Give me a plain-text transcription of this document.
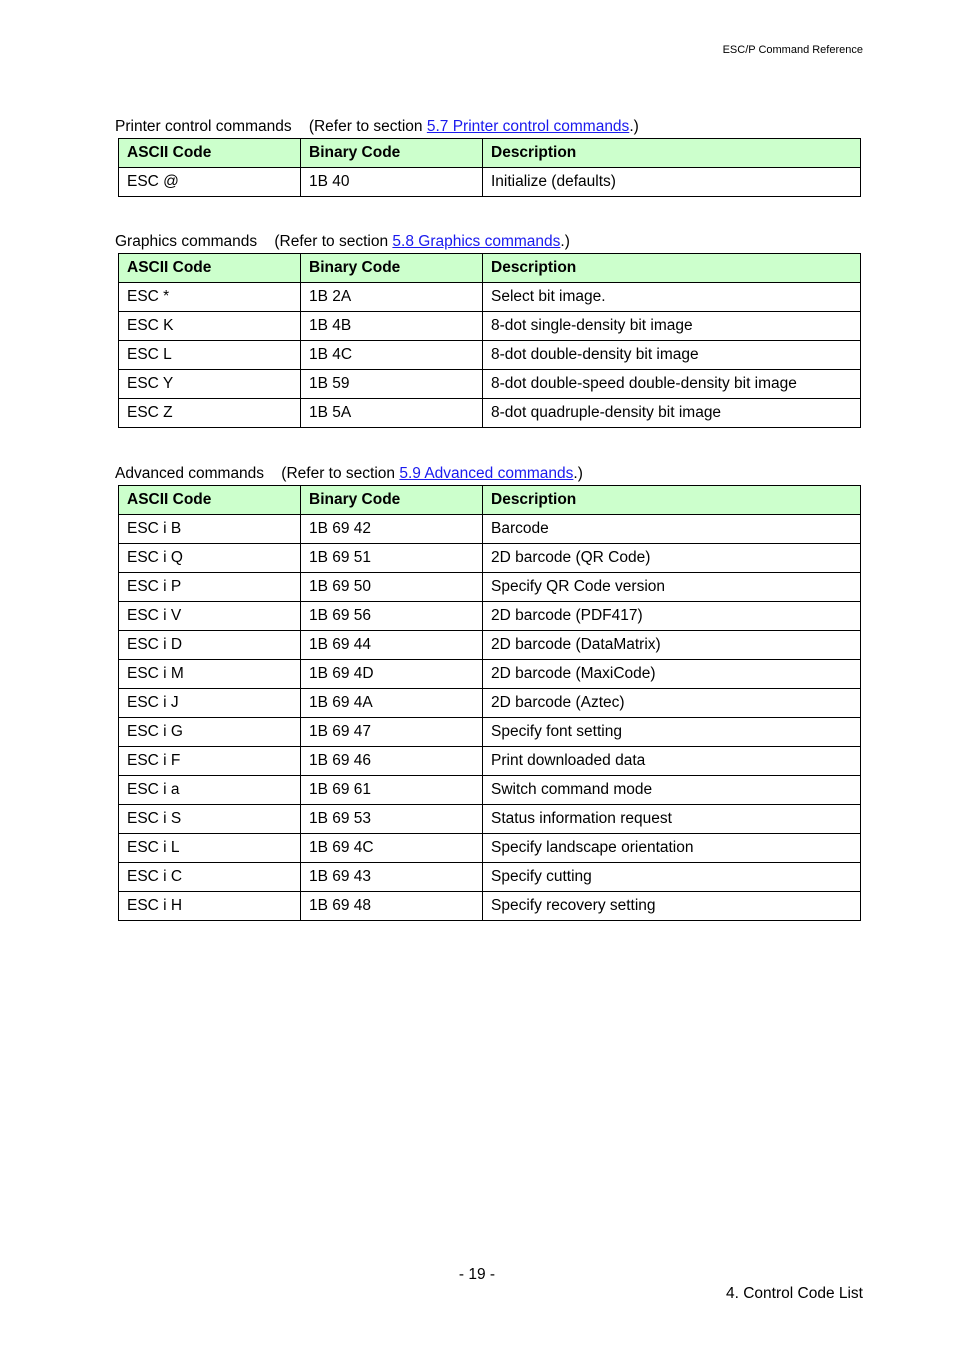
ESC/P Command Reference
Printer control commands (Refer to section 5.7 Printer control commands.)
ASCII Code	Binary Code	Description
ESC @	1B 40	Initialize (defaults)
Graphics commands (Refer to section 5.8 Graphics commands.)
ASCII Code	Binary Code	Description
ESC *	1B 2A	Select bit image.
ESC K	1B 4B	8-dot single-density bit image
ESC L	1B 4C	8-dot double-density bit image
ESC Y	1B 59	8-dot double-speed double-density bit image
ESC Z	1B 5A	8-dot quadruple-density bit image
Advanced commands (Refer to section 5.9 Advanced commands.)
ASCII Code	Binary Code	Description
ESC i B	1B 69 42	Barcode
ESC i Q	1B 69 51	2D barcode (QR Code)
ESC i P	1B 69 50	Specify QR Code version
ESC i V	1B 69 56	2D barcode (PDF417)
ESC i D	1B 69 44	2D barcode (DataMatrix)
ESC i M	1B 69 4D	2D barcode (MaxiCode)
ESC i J	1B 69 4A	2D barcode (Aztec)
ESC i G	1B 69 47	Specify font setting
ESC i F	1B 69 46	Print downloaded data
ESC i a	1B 69 61	Switch command mode
ESC i S	1B 69 53	Status information request
ESC i L	1B 69 4C	Specify landscape orientation
ESC i C	1B 69 43	Specify cutting
ESC i H	1B 69 48	Specify recovery setting
- 19 -
4. Control Code List
